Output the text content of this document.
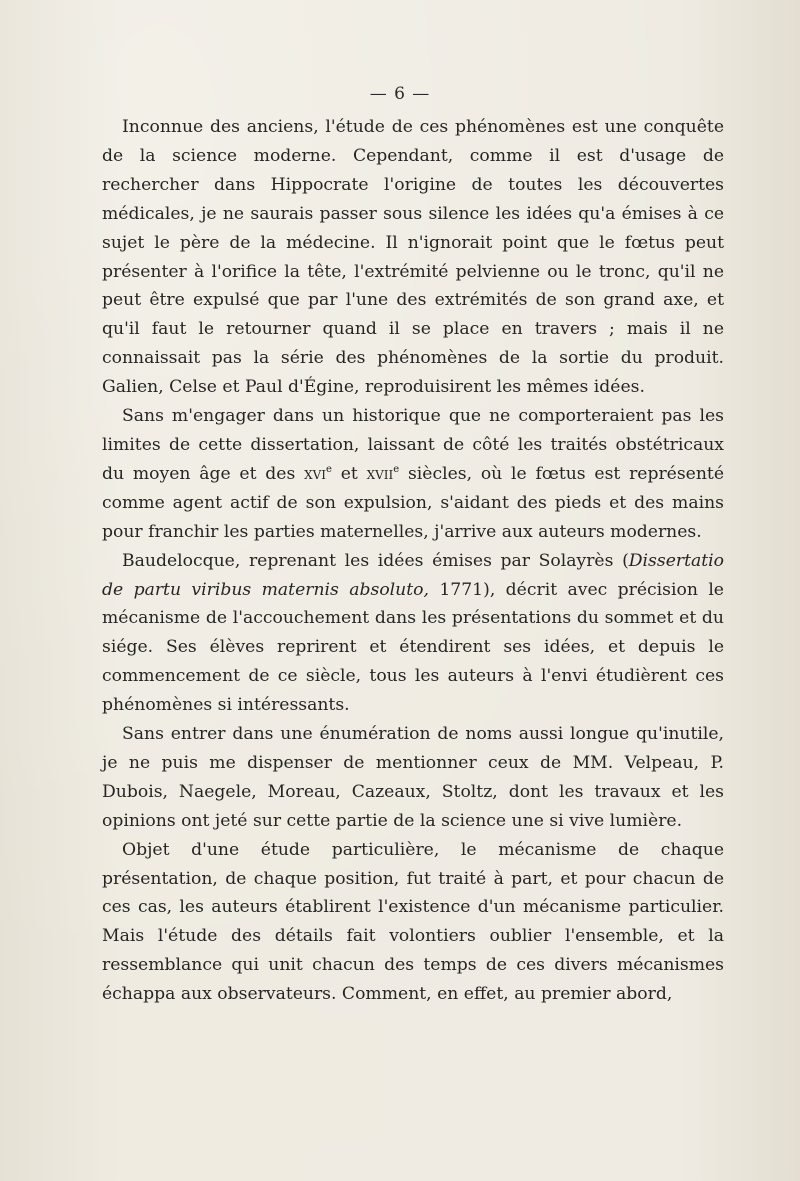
— 6 —

Inconnue des anciens, l'étude de ces phénomènes est une conquête de la science moderne. Cependant, comme il est d'usage de rechercher dans Hippocrate l'origine de toutes les découvertes médicales, je ne saurais passer sous silence les idées qu'a émises à ce sujet le père de la médecine. Il n'ignorait point que le fœtus peut présenter à l'orifice la tête, l'extrémité pelvienne ou le tronc, qu'il ne peut être expulsé que par l'une des extrémités de son grand axe, et qu'il faut le retourner quand il se place en travers ; mais il ne connaissait pas la série des phénomènes de la sortie du produit. Galien, Celse et Paul d'Égine, reproduisirent les mêmes idées.

Sans m'engager dans un historique que ne comporteraient pas les limites de cette dissertation, laissant de côté les traités obstétricaux du moyen âge et des xvi$^e$ et xvii$^e$ siècles, où le fœtus est représenté comme agent actif de son expulsion, s'aidant des pieds et des mains pour franchir les parties maternelles, j'arrive aux auteurs modernes.

Baudelocque, reprenant les idées émises par Solayrès (Dissertatio de partu viribus maternis absoluto, 1771), décrit avec précision le mécanisme de l'accouchement dans les présentations du sommet et du siége. Ses élèves reprirent et étendirent ses idées, et depuis le commencement de ce siècle, tous les auteurs à l'envi étudièrent ces phénomènes si intéressants.

Sans entrer dans une énumération de noms aussi longue qu'inutile, je ne puis me dispenser de mentionner ceux de MM. Velpeau, P. Dubois, Naegele, Moreau, Cazeaux, Stoltz, dont les travaux et les opinions ont jeté sur cette partie de la science une si vive lumière.

Objet d'une étude particulière, le mécanisme de chaque présentation, de chaque position, fut traité à part, et pour chacun de ces cas, les auteurs établirent l'existence d'un mécanisme particulier. Mais l'étude des détails fait volontiers oublier l'ensemble, et la ressemblance qui unit chacun des temps de ces divers mécanismes échappa aux observateurs. Comment, en effet, au premier abord,
